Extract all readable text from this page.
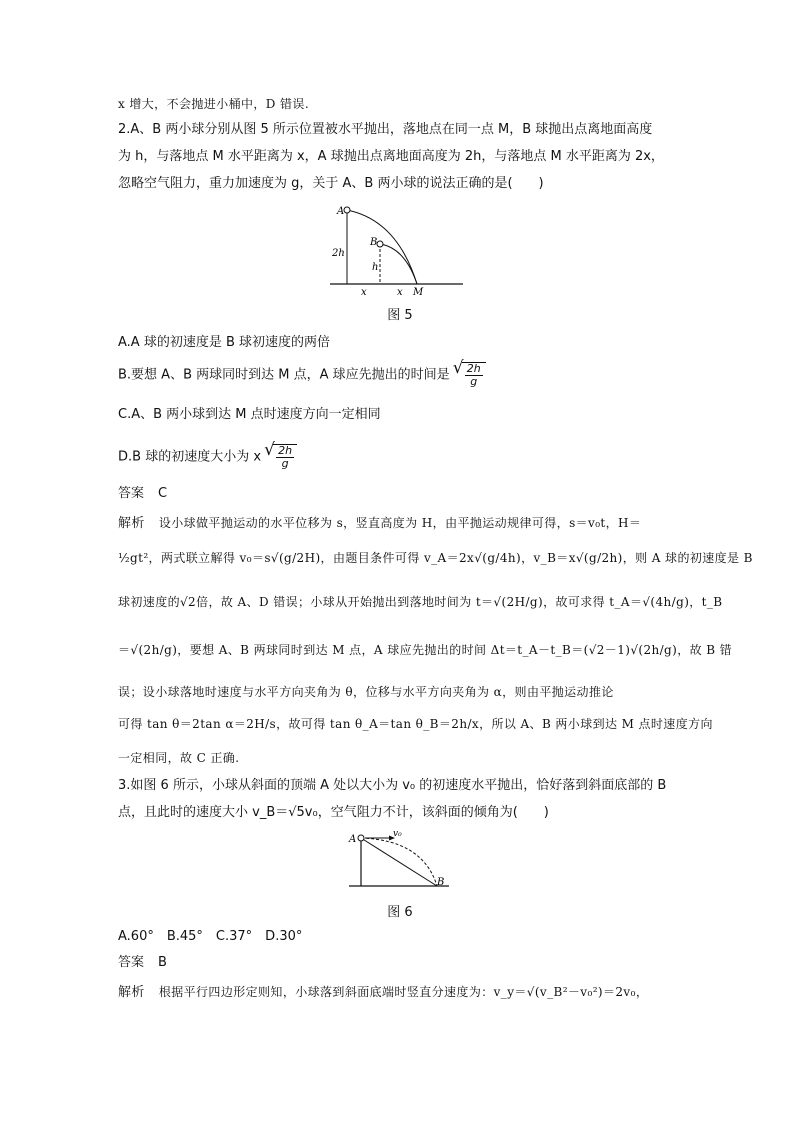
x 增大，不会抛进小桶中，D 错误.
2.A、B 两小球分别从图 5 所示位置被水平抛出，落地点在同一点 M，B 球抛出点离地面高度
为 h，与落地点 M 水平距离为 x，A 球抛出点离地面高度为 2h，与落地点 M 水平距离为 2x，
忽略空气阻力，重力加速度为 g，关于 A、B 两小球的说法正确的是(　　)
A
B
2h
h
x	x M
图 5
A.A 球的初速度是 B 球初速度的两倍
B.要想 A、B 两球同时到达 M 点，A 球应先抛出的时间是 √ $\frac{2h}{g}$
C.A、B 两小球到达 M 点时速度方向一定相同
D.B 球的初速度大小为 x √ $\frac{2h}{g}$
答案 C
解析 设小球做平抛运动的水平位移为 s，竖直高度为 H，由平抛运动规律可得，s＝v₀t，H＝
½gt²，两式联立解得 v₀＝s√(g/2H)，由题目条件可得 v_A＝2x√(g/4h)，v_B＝x√(g/2h)，则 A 球的初速度是 B
球初速度的√2倍，故 A、D 错误；小球从开始抛出到落地时间为 t＝√(2H/g)，故可求得 t_A＝√(4h/g)，t_B
＝√(2h/g)，要想 A、B 两球同时到达 M 点，A 球应先抛出的时间 Δt＝t_A－t_B＝(√2－1)√(2h/g)，故 B 错
误；设小球落地时速度与水平方向夹角为 θ，位移与水平方向夹角为 α，则由平抛运动推论
可得 tan θ＝2tan α＝2H/s，故可得 tan θ_A＝tan θ_B＝2h/x，所以 A、B 两小球到达 M 点时速度方向
一定相同，故 C 正确.
3.如图 6 所示，小球从斜面的顶端 A 处以大小为 v₀ 的初速度水平抛出，恰好落到斜面底部的 B
点，且此时的速度大小 v_B＝√5v₀，空气阻力不计，该斜面的倾角为(　　)
A	v₀
B
图 6
A.60°　B.45°　C.37°　D.30°
答案 B
解析 根据平行四边形定则知，小球落到斜面底端时竖直分速度为：v_y＝√(v_B²－v₀²)＝2v₀，
